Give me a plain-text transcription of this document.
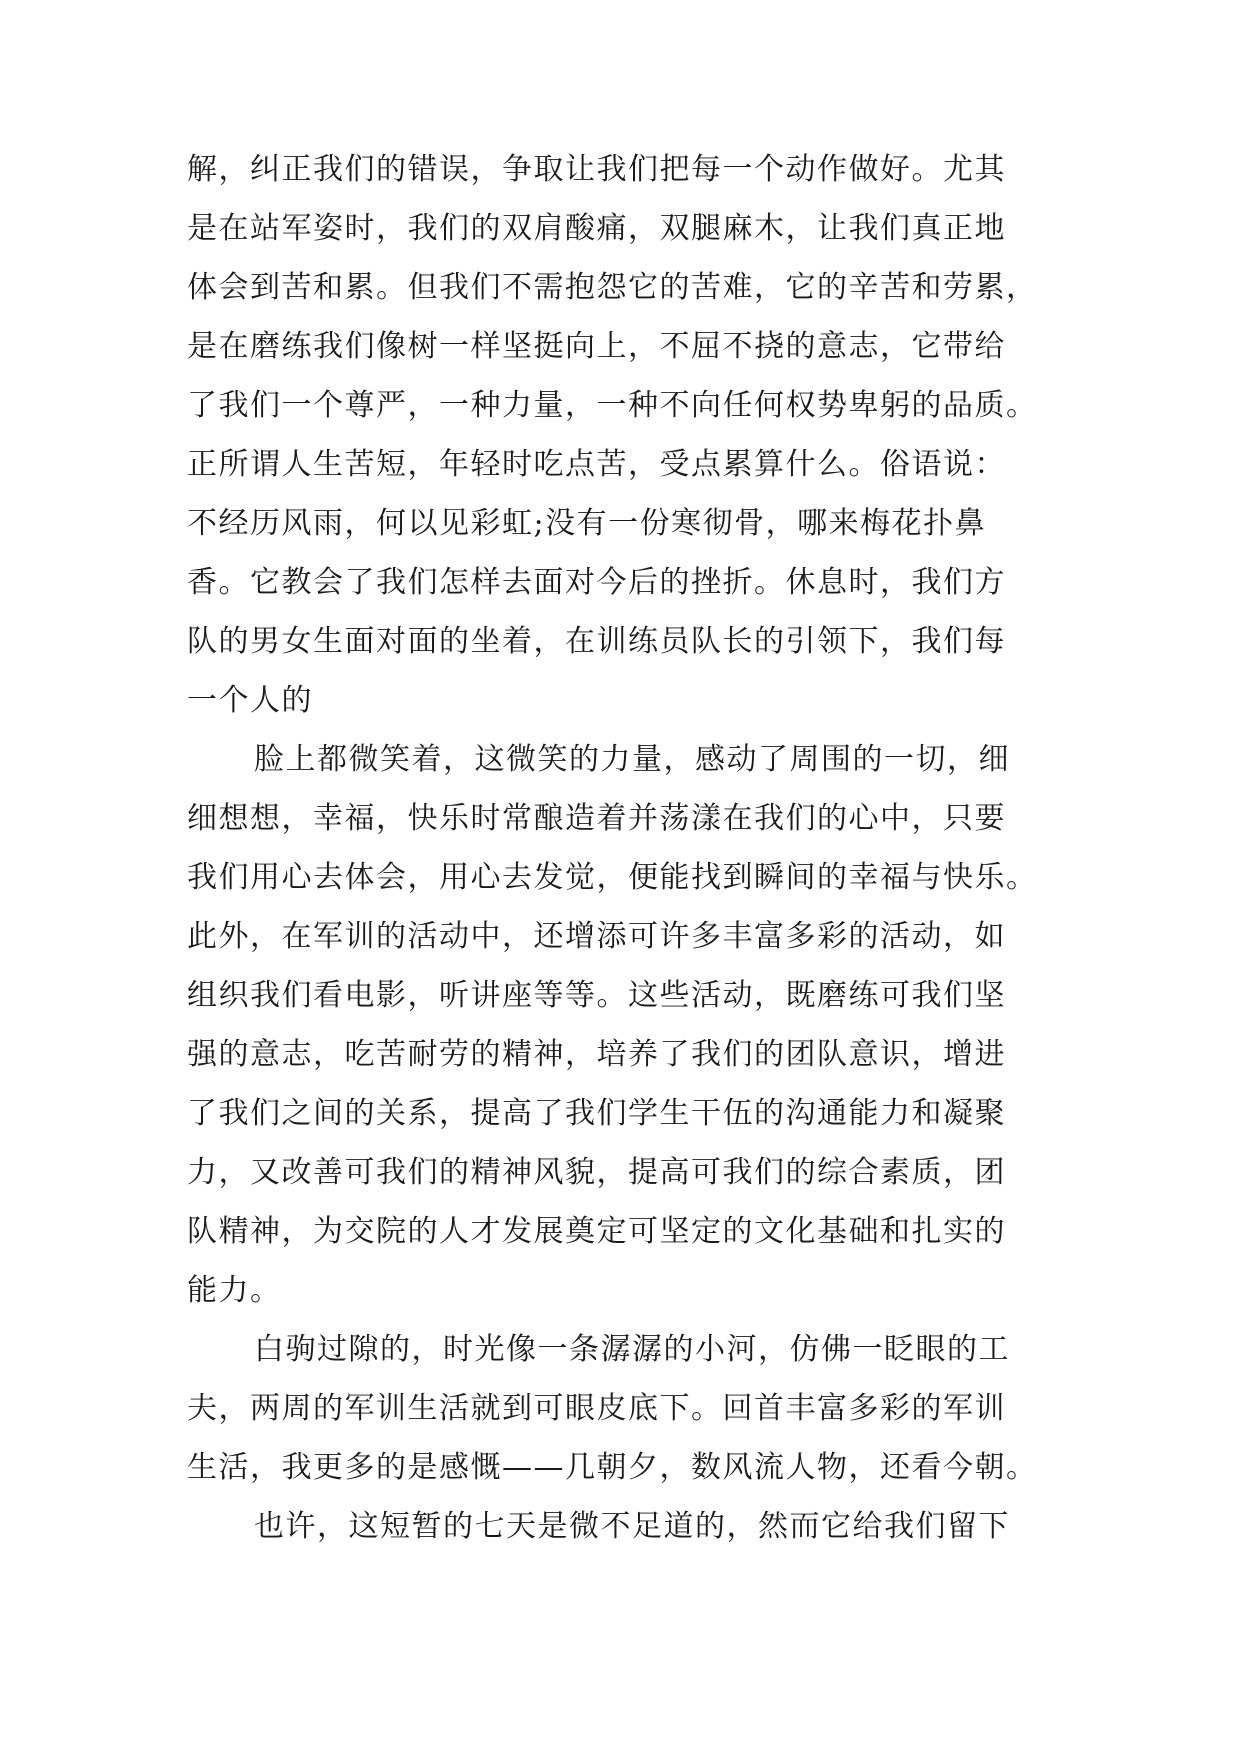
解，纠正我们的错误，争取让我们把每一个动作做好。尤其
是在站军姿时，我们的双肩酸痛，双腿麻木，让我们真正地
体会到苦和累。但我们不需抱怨它的苦难，它的辛苦和劳累，
是在磨练我们像树一样坚挺向上，不屈不挠的意志，它带给
了我们一个尊严，一种力量，一种不向任何权势卑躬的品质。
正所谓人生苦短，年轻时吃点苦，受点累算什么。俗语说：
不经历风雨，何以见彩虹;没有一份寒彻骨，哪来梅花扑鼻
香。它教会了我们怎样去面对今后的挫折。休息时，我们方
队的男女生面对面的坐着，在训练员队长的引领下，我们每
一个人的
脸上都微笑着，这微笑的力量，感动了周围的一切，细
细想想，幸福，快乐时常酿造着并荡漾在我们的心中，只要
我们用心去体会，用心去发觉，便能找到瞬间的幸福与快乐。
此外，在军训的活动中，还增添可许多丰富多彩的活动，如
组织我们看电影，听讲座等等。这些活动，既磨练可我们坚
强的意志，吃苦耐劳的精神，培养了我们的团队意识，增进
了我们之间的关系，提高了我们学生干伍的沟通能力和凝聚
力，又改善可我们的精神风貌，提高可我们的综合素质，团
队精神，为交院的人才发展奠定可坚定的文化基础和扎实的
能力。
白驹过隙的，时光像一条潺潺的小河，仿佛一眨眼的工
夫，两周的军训生活就到可眼皮底下。回首丰富多彩的军训
生活，我更多的是感慨——几朝夕，数风流人物，还看今朝。
也许，这短暂的七天是微不足道的，然而它给我们留下
